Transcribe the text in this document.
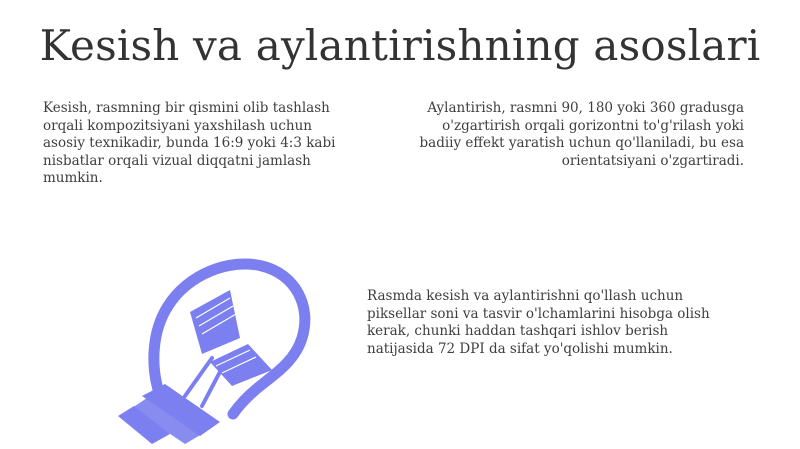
Kesish va aylantirishning asoslari
Kesish, rasmning bir qismini olib tashlash orqali kompozitsiyani yaxshilash uchun asosiy texnikadir, bunda 16:9 yoki 4:3 kabi nisbatlar orqali vizual diqqatni jamlash mumkin.
Aylantirish, rasmni 90, 180 yoki 360 gradusga o'zgartirish orqali gorizontni to'g'rilash yoki badiiy effekt yaratish uchun qo'llaniladi, bu esa orientatsiyani o'zgartiradi.
Rasmda kesish va aylantirishni qo'llash uchun piksellar soni va tasvir o'lchamlarini hisobga olish kerak, chunki haddan tashqari ishlov berish natijasida 72 DPI da sifat yo'qolishi mumkin.
